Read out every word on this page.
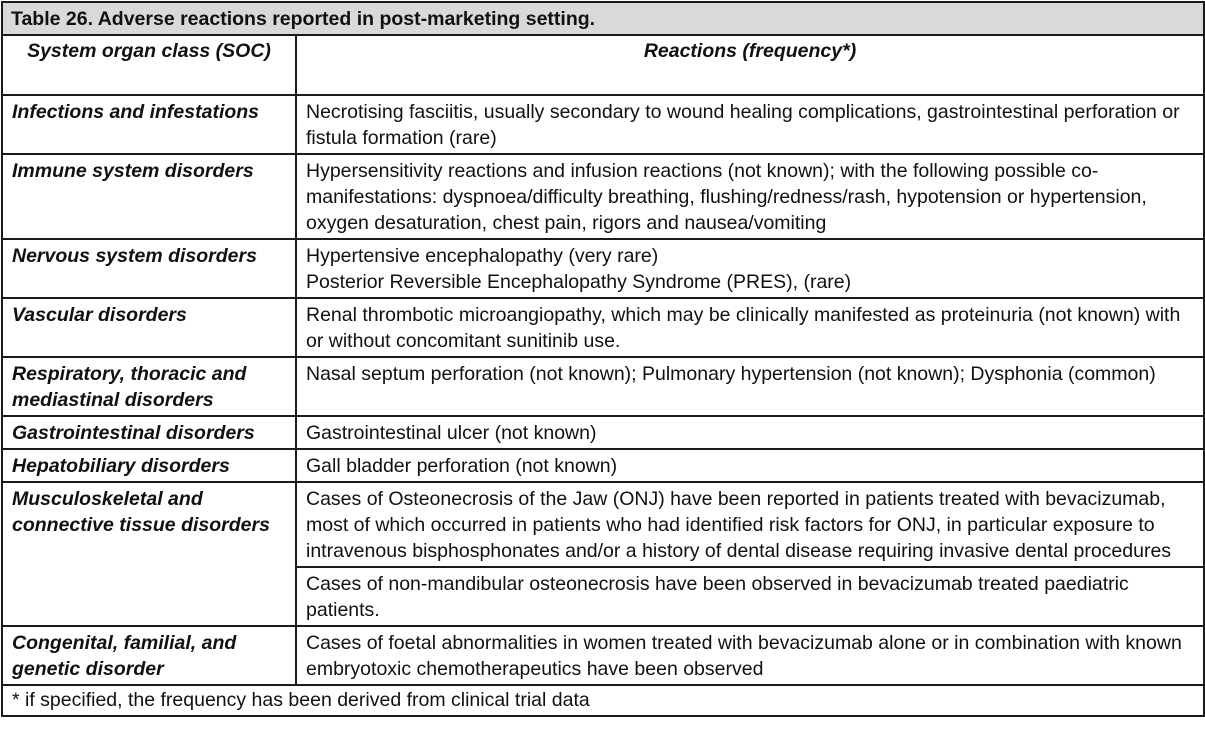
Table 26. Adverse reactions reported in post-marketing setting.	
System organ class (SOC)	Reactions (frequency*)
Infections and infestations	Necrotising fasciitis, usually secondary to wound healing complications, gastrointestinal perforation or fistula formation (rare)
Immune system disorders	Hypersensitivity reactions and infusion reactions (not known); with the following possible co-manifestations: dyspnoea/difficulty breathing, flushing/redness/rash, hypotension or hypertension, oxygen desaturation, chest pain, rigors and nausea/vomiting
Nervous system disorders	Hypertensive encephalopathy (very rare)
Posterior Reversible Encephalopathy Syndrome (PRES), (rare)

Vascular disorders	Renal thrombotic microangiopathy, which may be clinically manifested as proteinuria (not known) with or without concomitant sunitinib use.
Respiratory, thoracic and mediastinal disorders	Nasal septum perforation (not known); Pulmonary hypertension (not known); Dysphonia (common)
Gastrointestinal disorders	Gastrointestinal ulcer (not known)
Hepatobiliary disorders	Gall bladder perforation (not known)
Musculoskeletal and connective tissue disorders	Cases of Osteonecrosis of the Jaw (ONJ) have been reported in patients treated with bevacizumab, most of which occurred in patients who had identified risk factors for ONJ, in particular exposure to intravenous bisphosphonates and/or a history of dental disease requiring invasive dental procedures
	Cases of non-mandibular osteonecrosis have been observed in bevacizumab treated paediatric patients.
Congenital, familial, and genetic disorder	Cases of foetal abnormalities in women treated with bevacizumab alone or in combination with known embryotoxic chemotherapeutics have been observed
* if specified, the frequency has been derived from clinical trial data	
